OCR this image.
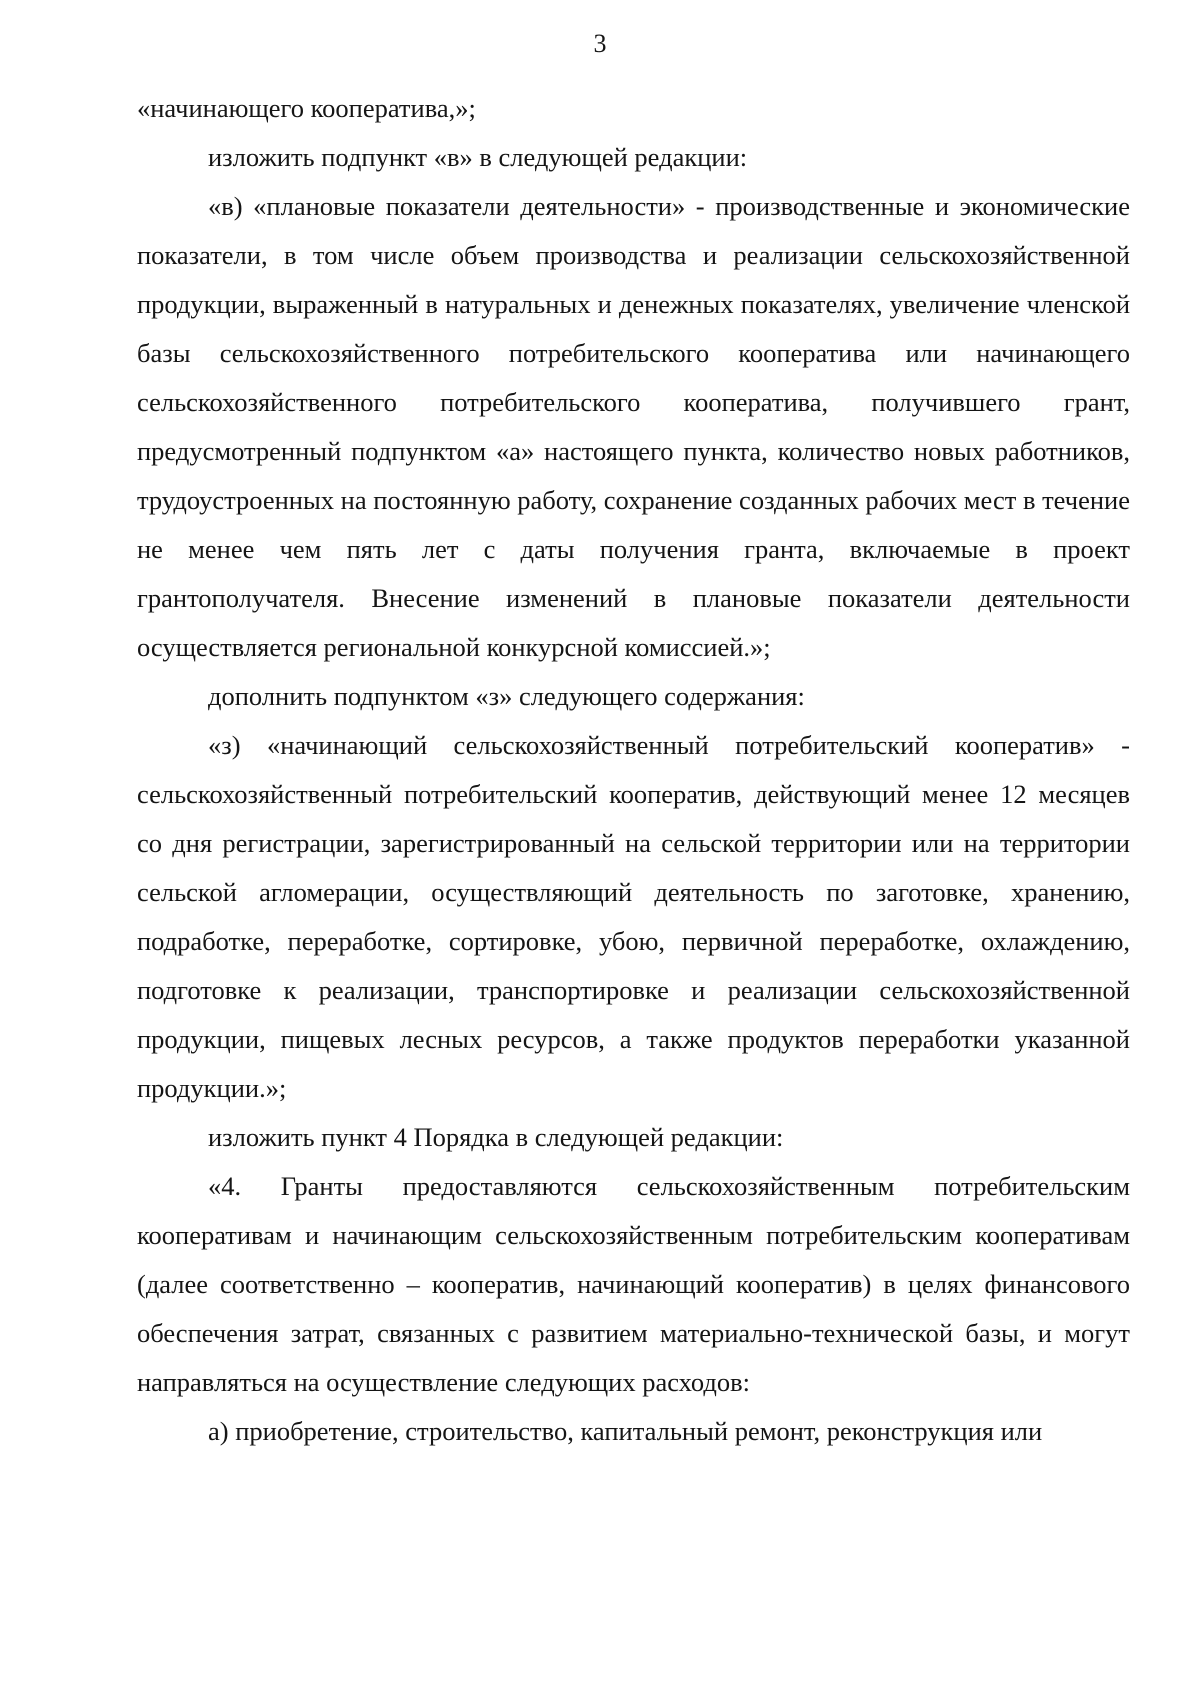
3

«начинающего кооператива,»;

изложить подпункт «в» в следующей редакции:

«в) «плановые показатели деятельности» - производственные и экономические показатели, в том числе объем производства и реализации сельскохозяйственной продукции, выраженный в натуральных и денежных показателях, увеличение членской базы сельскохозяйственного потребительского кооператива или начинающего сельскохозяйственного потребительского кооператива, получившего грант, предусмотренный подпунктом «а» настоящего пункта, количество новых работников, трудоустроенных на постоянную работу, сохранение созданных рабочих мест в течение не менее чем пять лет с даты получения гранта, включаемые в проект грантополучателя. Внесение изменений в плановые показатели деятельности осуществляется региональной конкурсной комиссией.»;

дополнить подпунктом «з» следующего содержания:

«з) «начинающий сельскохозяйственный потребительский кооператив» - сельскохозяйственный потребительский кооператив, действующий менее 12 месяцев со дня регистрации, зарегистрированный на сельской территории или на территории сельской агломерации, осуществляющий деятельность по заготовке, хранению, подработке, переработке, сортировке, убою, первичной переработке, охлаждению, подготовке к реализации, транспортировке и реализации сельскохозяйственной продукции, пищевых лесных ресурсов, а также продуктов переработки указанной продукции.»;

изложить пункт 4 Порядка в следующей редакции:

«4. Гранты предоставляются сельскохозяйственным потребительским кооперативам и начинающим сельскохозяйственным потребительским кооперативам (далее соответственно – кооператив, начинающий кооператив) в целях финансового обеспечения затрат, связанных с развитием материально-технической базы, и могут направляться на осуществление следующих расходов:

а) приобретение, строительство, капитальный ремонт, реконструкция или
